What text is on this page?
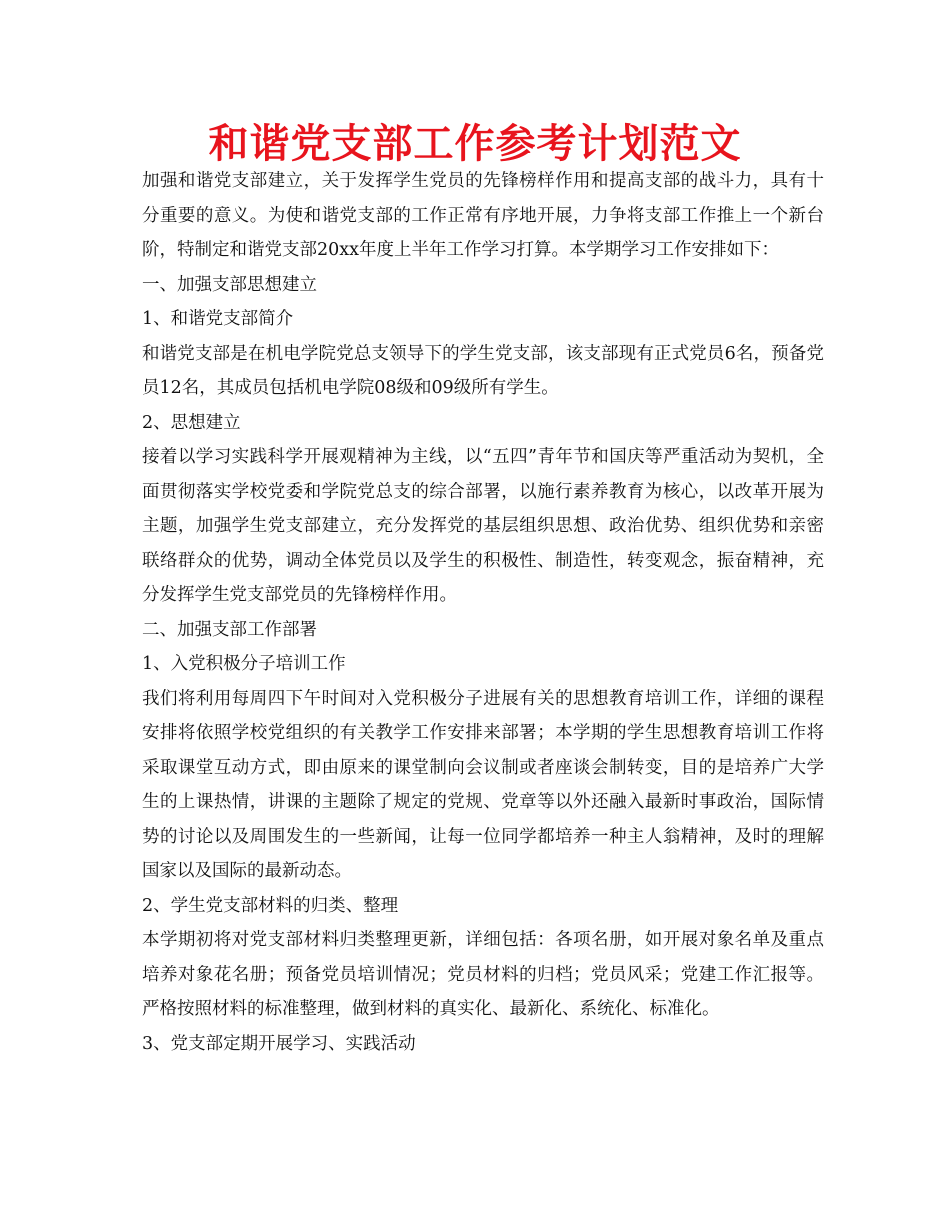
和谐党支部工作参考计划范文

加强和谐党支部建立，关于发挥学生党员的先锋榜样作用和提高支部的战斗力，具有十分重要的意义。为使和谐党支部的工作正常有序地开展，力争将支部工作推上一个新台阶，特制定和谐党支部20xx年度上半年工作学习打算。本学期学习工作安排如下：

一、加强支部思想建立

1、和谐党支部简介

和谐党支部是在机电学院党总支领导下的学生党支部，该支部现有正式党员6名，预备党员12名，其成员包括机电学院08级和09级所有学生。

2、思想建立

接着以学习实践科学开展观精神为主线，以“五四”青年节和国庆等严重活动为契机，全面贯彻落实学校党委和学院党总支的综合部署，以施行素养教育为核心，以改革开展为主题，加强学生党支部建立，充分发挥党的基层组织思想、政治优势、组织优势和亲密联络群众的优势，调动全体党员以及学生的积极性、制造性，转变观念，振奋精神，充分发挥学生党支部党员的先锋榜样作用。

二、加强支部工作部署

1、入党积极分子培训工作

我们将利用每周四下午时间对入党积极分子进展有关的思想教育培训工作，详细的课程安排将依照学校党组织的有关教学工作安排来部署；本学期的学生思想教育培训工作将采取课堂互动方式，即由原来的课堂制向会议制或者座谈会制转变，目的是培养广大学生的上课热情，讲课的主题除了规定的党规、党章等以外还融入最新时事政治，国际情势的讨论以及周围发生的一些新闻，让每一位同学都培养一种主人翁精神，及时的理解国家以及国际的最新动态。

2、学生党支部材料的归类、整理

本学期初将对党支部材料归类整理更新，详细包括：各项名册，如开展对象名单及重点培养对象花名册；预备党员培训情况；党员材料的归档；党员风采；党建工作汇报等。严格按照材料的标准整理，做到材料的真实化、最新化、系统化、标准化。

3、党支部定期开展学习、实践活动
